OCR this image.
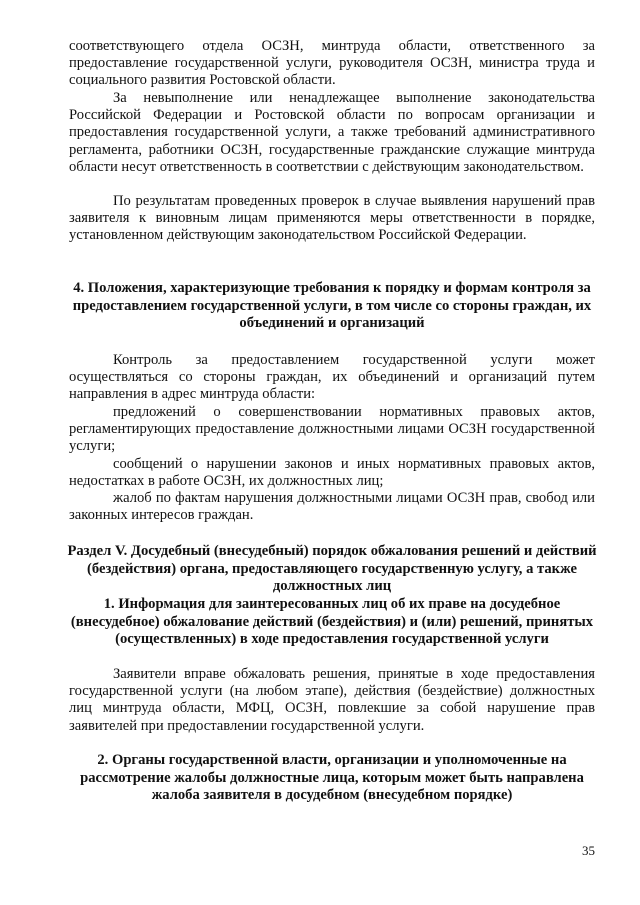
соответствующего отдела ОСЗН, минтруда области, ответственного за предоставление государственной услуги, руководителя ОСЗН, министра труда и социального развития Ростовской области.

За невыполнение или ненадлежащее выполнение законодательства Российской Федерации и Ростовской области по вопросам организации и предоставления государственной услуги, а также требований административного регламента, работники ОСЗН, государственные гражданские служащие минтруда области несут ответственность в соответствии с действующим законодательством.

По результатам проведенных проверок в случае выявления нарушений прав заявителя к виновным лицам применяются меры ответственности в порядке, установленном действующим законодательством Российской Федерации.

4. Положения, характеризующие требования к порядку и формам контроля за предоставлением государственной услуги, в том числе со стороны граждан, их объединений и организаций

Контроль за предоставлением государственной услуги может осуществляться со стороны граждан, их объединений и организаций путем направления в адрес минтруда области:

предложений о совершенствовании нормативных правовых актов, регламентирующих предоставление должностными лицами ОСЗН государственной услуги;

сообщений о нарушении законов и иных нормативных правовых актов, недостатках в работе ОСЗН, их должностных лиц;

жалоб по фактам нарушения должностными лицами ОСЗН прав, свобод или законных интересов граждан.

Раздел V. Досудебный (внесудебный) порядок обжалования решений и действий (бездействия) органа, предоставляющего государственную услугу, а также должностных лиц

1. Информация для заинтересованных лиц об их праве на досудебное (внесудебное) обжалование действий (бездействия) и (или) решений, принятых (осуществленных) в ходе предоставления государственной услуги

Заявители вправе обжаловать решения, принятые в ходе предоставления государственной услуги (на любом этапе), действия (бездействие) должностных лиц минтруда области, МФЦ, ОСЗН, повлекшие за собой нарушение прав заявителей при предоставлении государственной услуги.

2. Органы государственной власти, организации и уполномоченные на рассмотрение жалобы должностные лица, которым может быть направлена жалоба заявителя в досудебном (внесудебном порядке)

35
